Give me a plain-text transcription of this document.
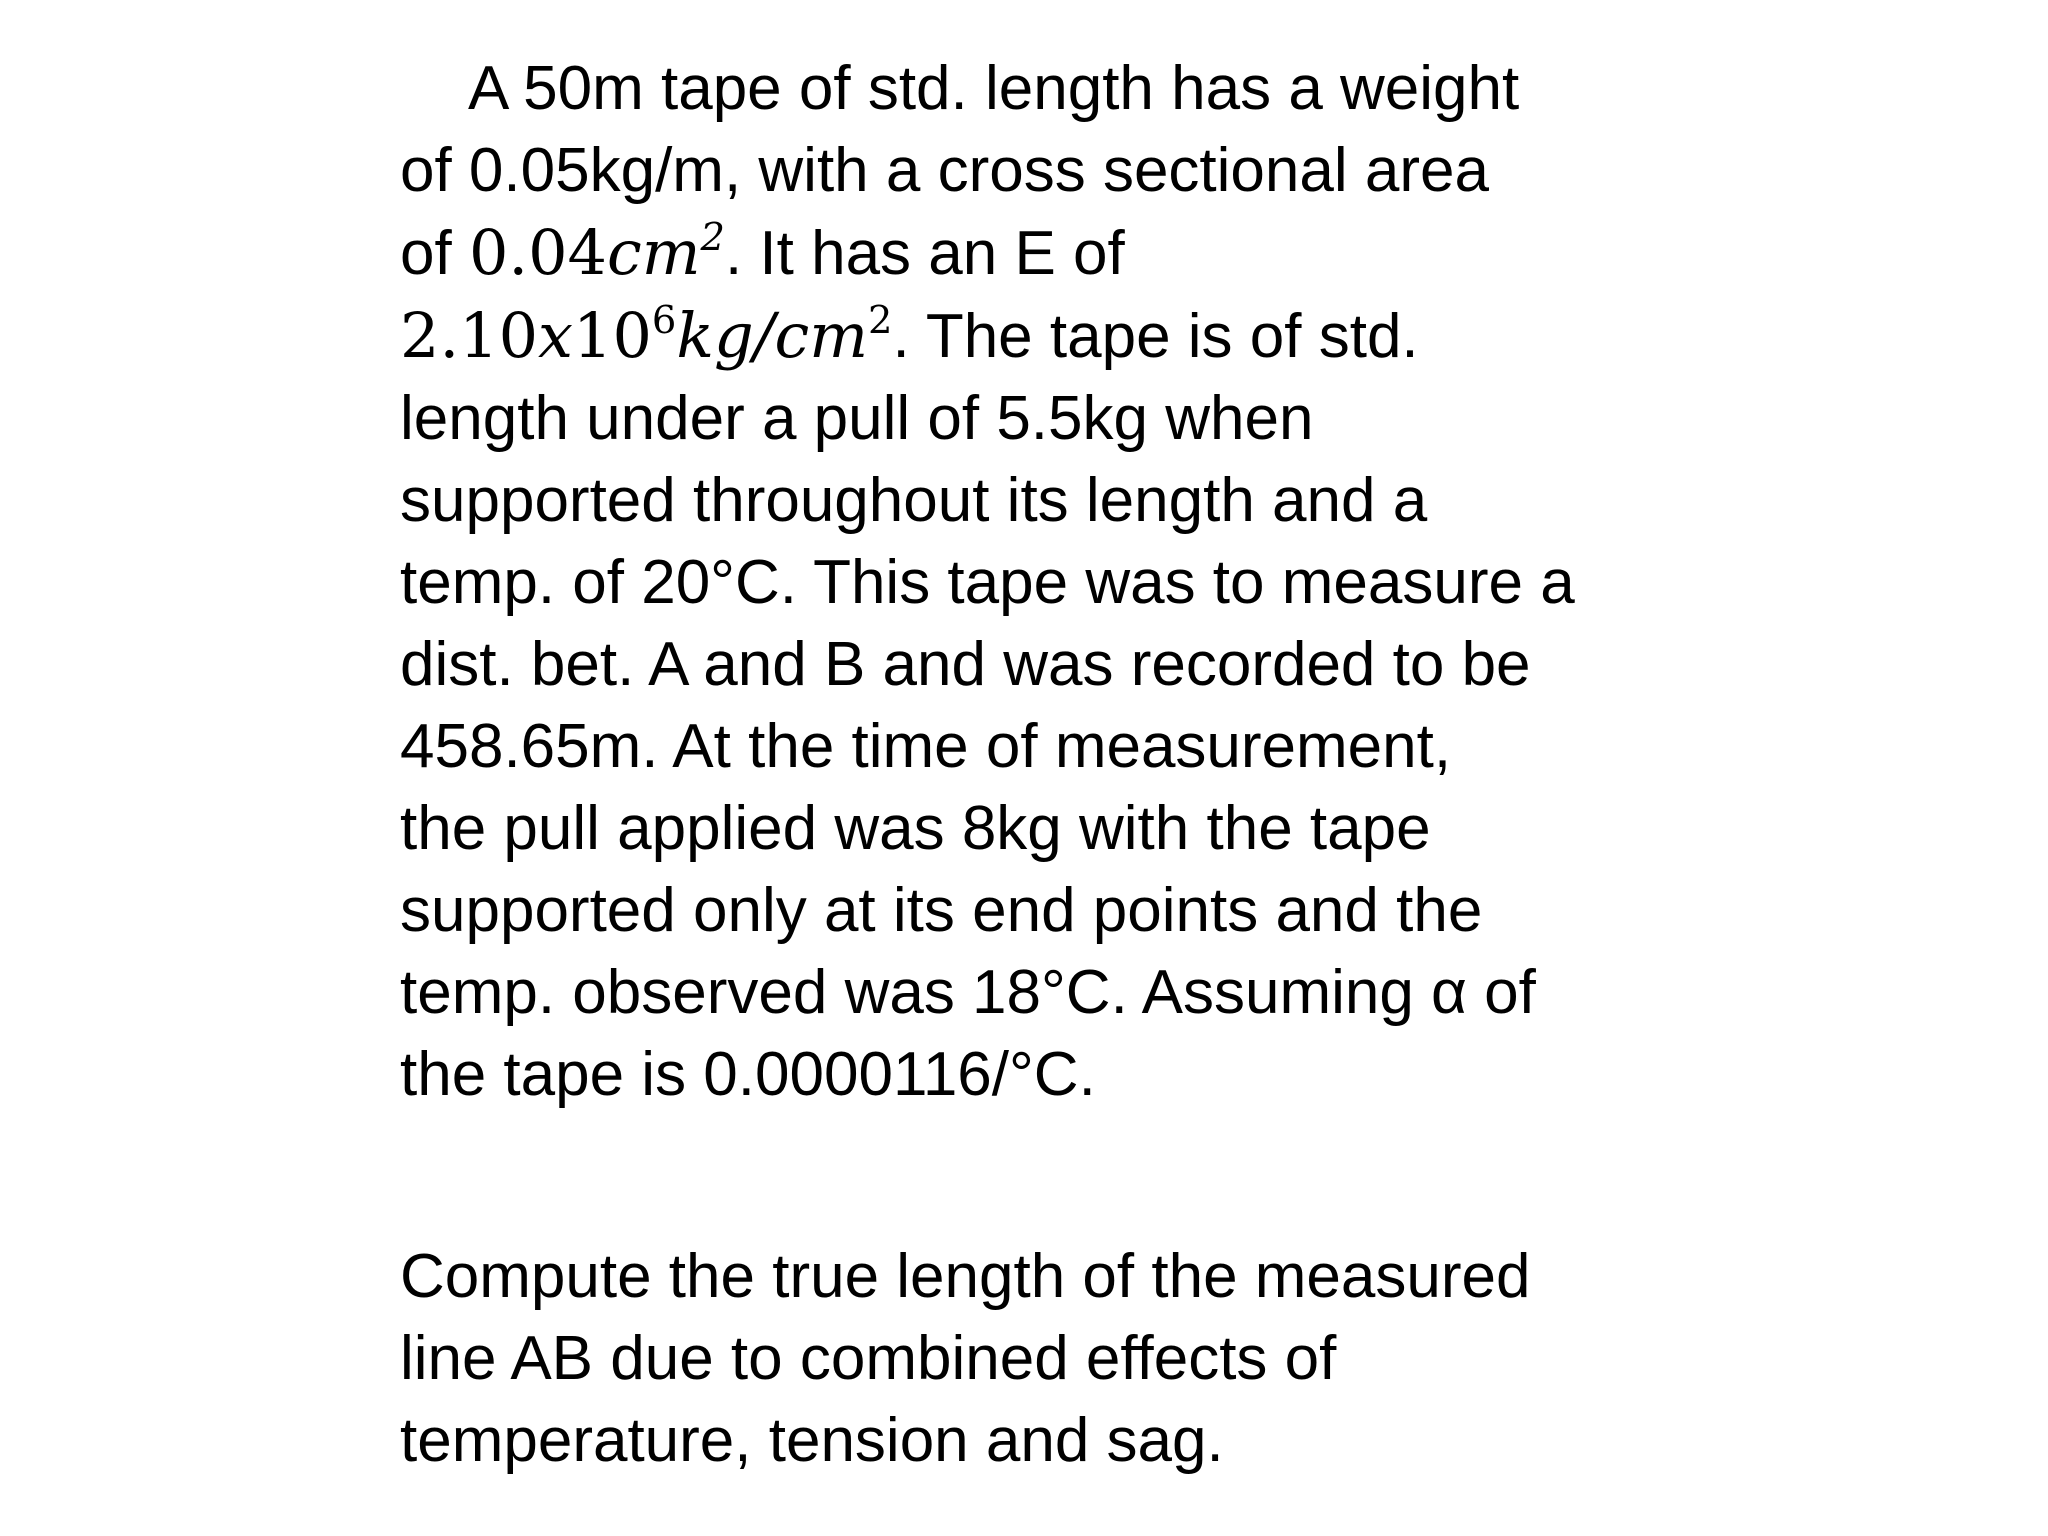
A 50m tape of std. length has a weight
of 0.05kg/m, with a cross sectional area
of $0.04cm^2$. It has an E of
$2.10x10^6kg/cm^2$. The tape is of std.
length under a pull of 5.5kg when
supported throughout its length and a
temp. of 20°C. This tape was to measure a
dist. bet. A and B and was recorded to be
458.65m. At the time of measurement,
the pull applied was 8kg with the tape
supported only at its end points and the
temp. observed was 18°C. Assuming α of
the tape is 0.0000116/°C.
Compute the true length of the measured
line AB due to combined effects of
temperature, tension and sag.
